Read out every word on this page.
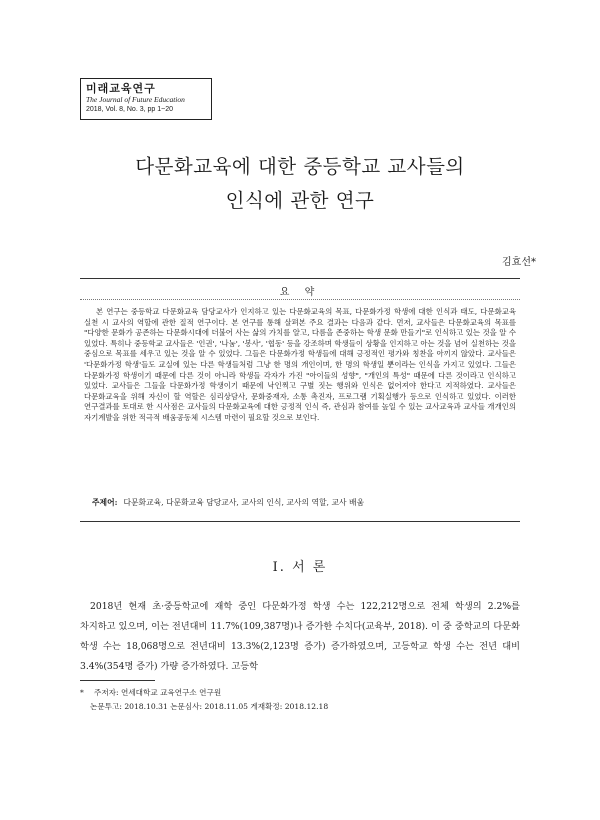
미래교육연구
The Journal of Future Education
2018, Vol. 8, No. 3, pp 1~20
다문화교육에 대한 중등학교 교사들의
인식에 관한 연구
김효선*
요 약
본 연구는 중등학교 다문화교육 담당교사가 인지하고 있는 다문화교육의 목표, 다문화가정 학생에 대한 인식과 태도, 다문화교육 실천 시 교사의 역할에 관한 질적 연구이다. 본 연구를 통해 살펴본 주요 결과는 다음과 같다. 먼저, 교사들은 다문화교육의 목표를 "다양한 문화가 공존하는 다문화시대에 더불어 사는 삶의 가치를 알고, 다름을 존중하는 학생 문화 만들기"로 인식하고 있는 것을 알 수 있었다. 특히나 중등학교 교사들은 '인권', '나눔', '봉사', '협동' 등을 강조하며 학생들이 상황을 인지하고 아는 것을 넘어 실천하는 것을 중심으로 목표를 세우고 있는 것을 알 수 있었다. 그들은 다문화가정 학생들에 대해 긍정적인 평가와 칭찬을 아끼지 않았다. 교사들은 '다문화가정 학생'들도 교실에 있는 다른 학생들처럼 그냥 한 명의 개인이며, 한 명의 학생일 뿐이라는 인식을 가지고 있었다. 그들은 다문화가정 학생이기 때문에 다른 것이 아니라 학생들 각자가 가진 "아이들의 성향", "개인의 특성" 때문에 다른 것이라고 인식하고 있었다. 교사들은 그들을 다문화가정 학생이기 때문에 낙인찍고 구별 짓는 행위와 인식은 없어져야 한다고 지적하였다. 교사들은 다문화교육을 위해 자신이 할 역할은 심리상담사, 문화중재자, 소통 촉진자, 프로그램 기획실행가 등으로 인식하고 있었다. 이러한 연구결과를 토대로 한 시사점은 교사들의 다문화교육에 대한 긍정적 인식 즉, 관심과 참여를 높일 수 있는 교사교육과 교사들 개개인의 자기계발을 위한 적극적 배움공동체 시스템 마련이 필요할 것으로 보인다.
주제어: 다문화교육, 다문화교육 담당교사, 교사의 인식, 교사의 역할, 교사 배움
Ⅰ. 서 론
2018년 현재 초·중등학교에 재학 중인 다문화가정 학생 수는 122,212명으로 전체 학생의 2.2%를 차지하고 있으며, 이는 전년대비 11.7%(109,387명)나 증가한 수치다(교육부, 2018). 이 중 중학교의 다문화 학생 수는 18,068명으로 전년대비 13.3%(2,123명 증가) 증가하였으며, 고등학교 학생 수는 전년 대비 3.4%(354명 증가) 가량 증가하였다. 고등학
* 주저자: 연세대학교 교육연구소 연구원
논문투고: 2018.10.31 논문심사: 2018.11.05 게재확정: 2018.12.18
